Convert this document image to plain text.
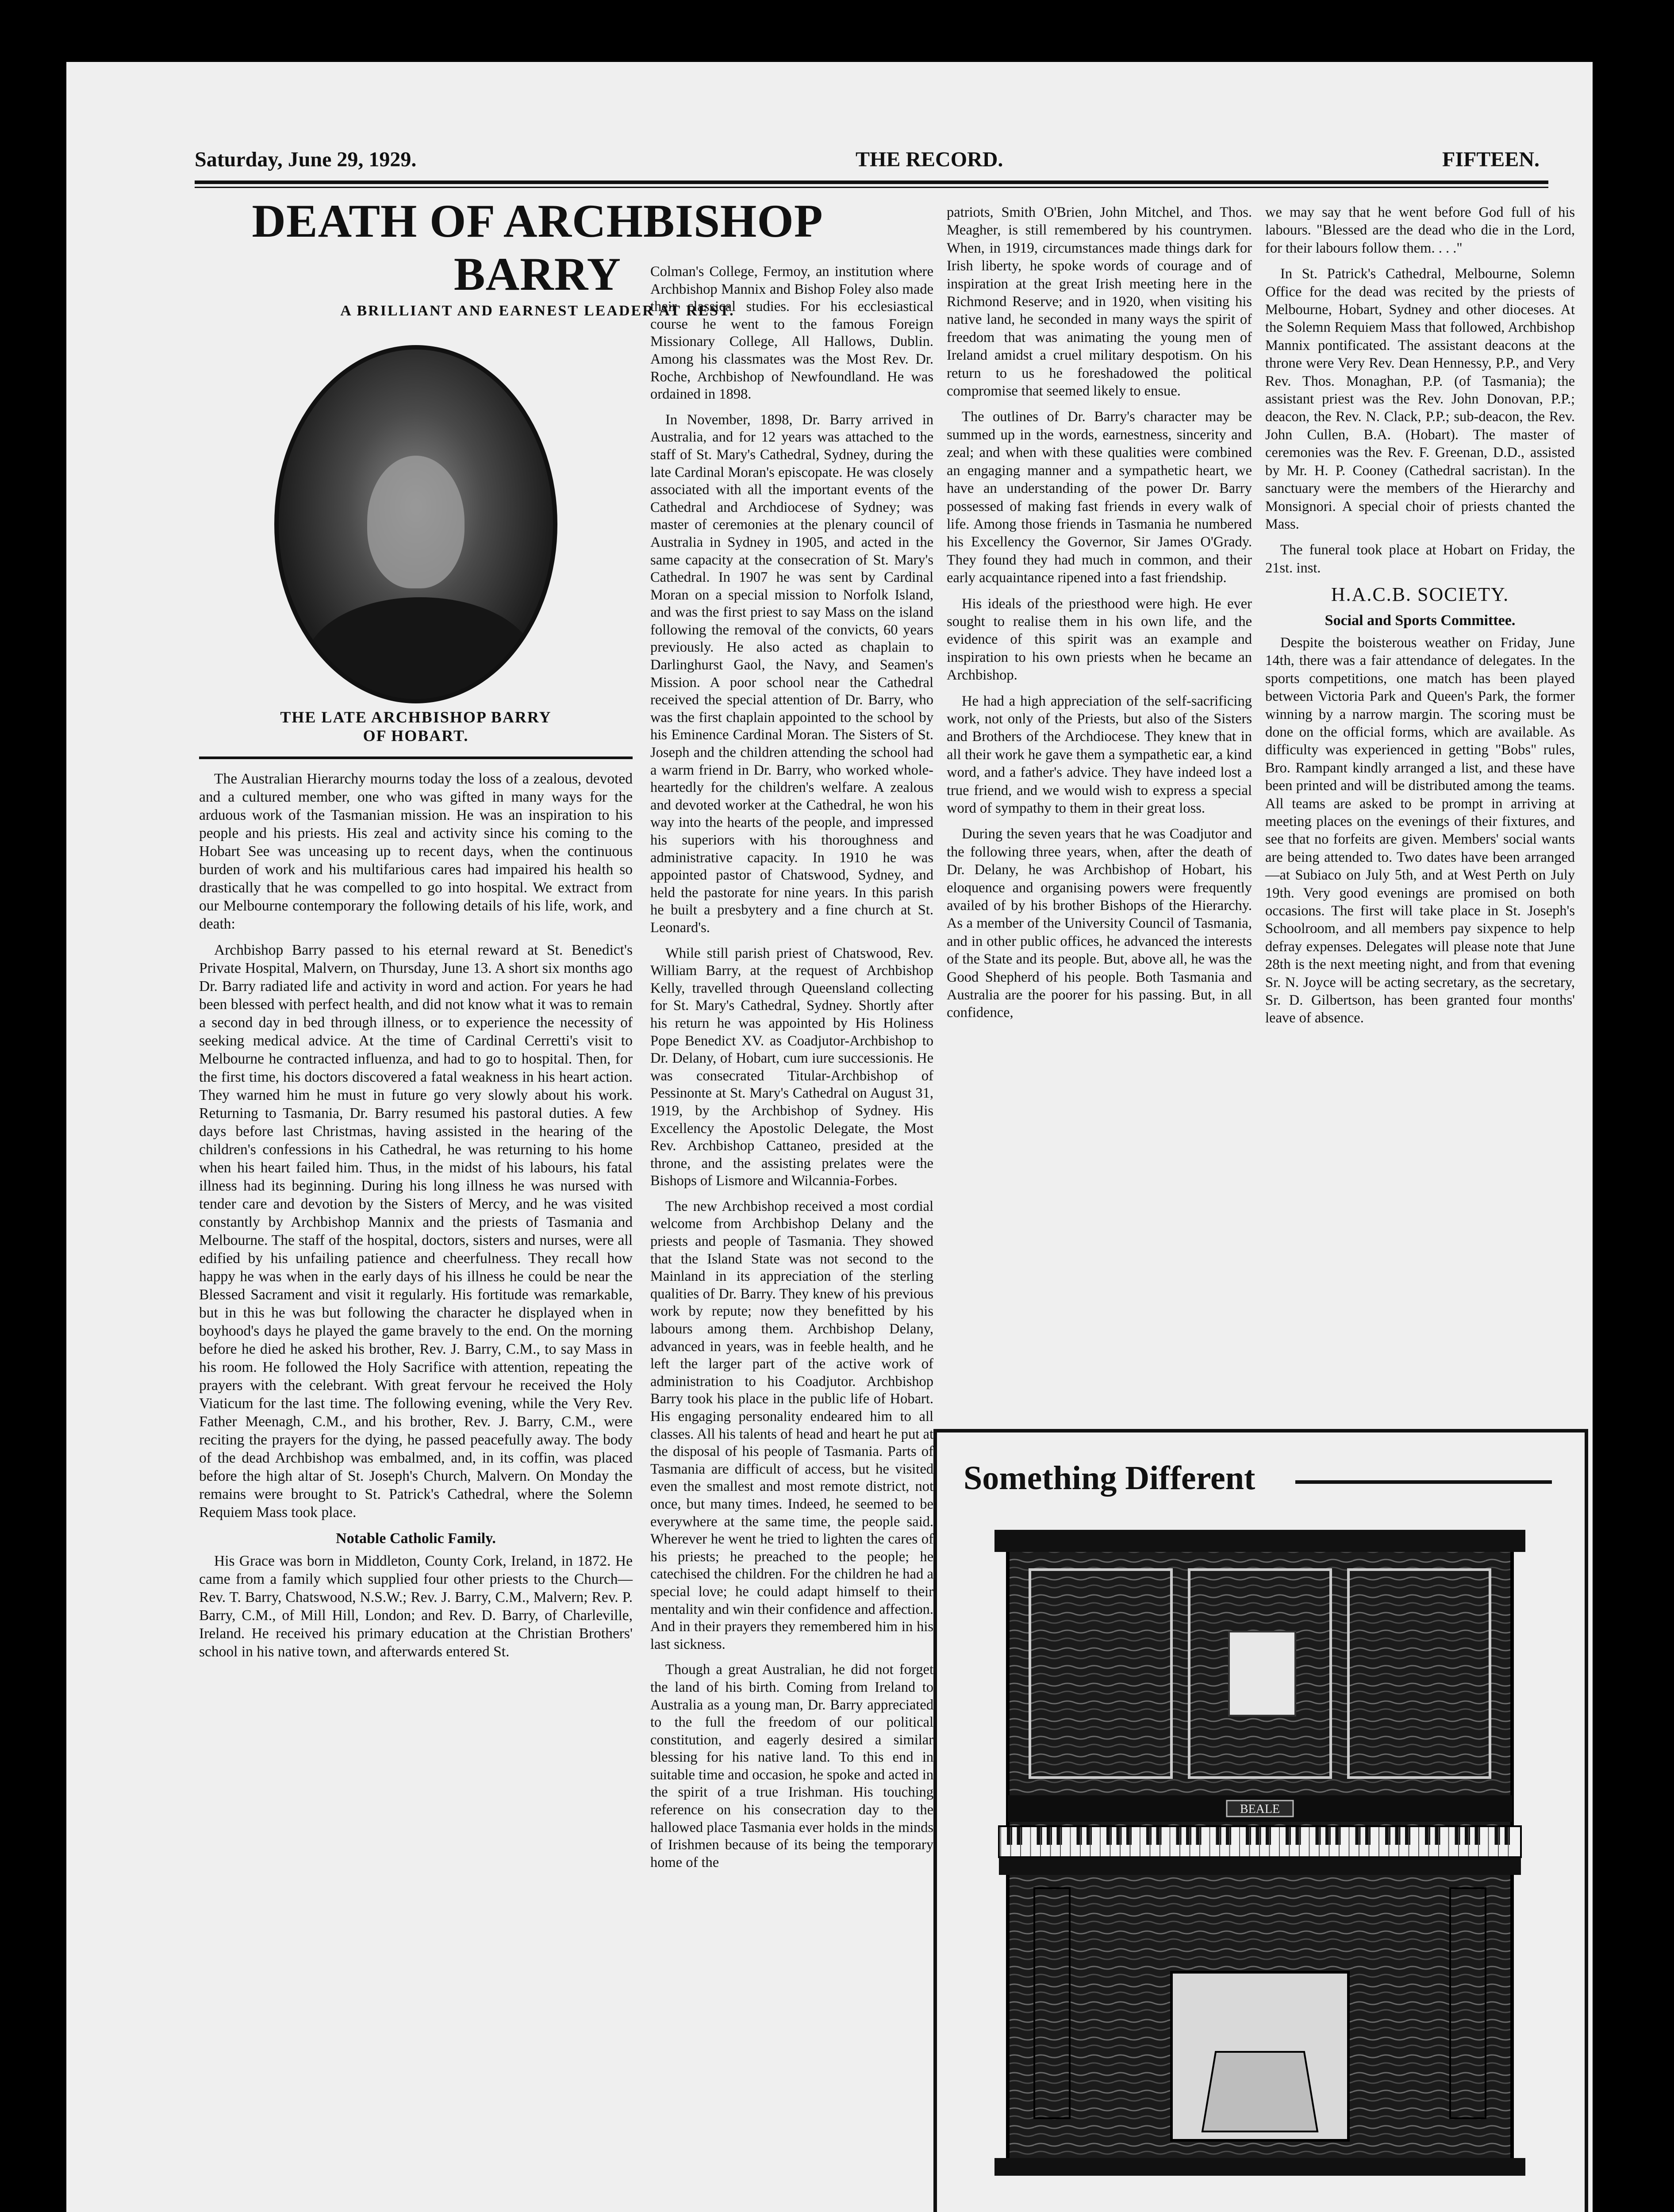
Saturday, June 29, 1929.	THE RECORD.	FIFTEEN.
DEATH OF ARCHBISHOP BARRY
A BRILLIANT AND EARNEST LEADER AT REST.
THE LATE ARCHBISHOP BARRY
OF HOBART.

The Australian Hierarchy mourns today the loss of a zealous, devoted and a cultured member, one who was gifted in many ways for the arduous work of the Tasmanian mission. He was an inspiration to his people and his priests. His zeal and activity since his coming to the Hobart See was unceasing up to recent days, when the continuous burden of work and his multifarious cares had impaired his health so drastically that he was compelled to go into hospital. We extract from our Melbourne contemporary the following details of his life, work, and death:

Archbishop Barry passed to his eternal reward at St. Benedict's Private Hospital, Malvern, on Thursday, June 13. A short six months ago Dr. Barry radiated life and activity in word and action. For years he had been blessed with perfect health, and did not know what it was to remain a second day in bed through illness, or to experience the necessity of seeking medical advice. At the time of Cardinal Cerretti's visit to Melbourne he contracted influenza, and had to go to hospital. Then, for the first time, his doctors discovered a fatal weakness in his heart action. They warned him he must in future go very slowly about his work. Returning to Tasmania, Dr. Barry resumed his pastoral duties. A few days before last Christmas, having assisted in the hearing of the children's confessions in his Cathedral, he was returning to his home when his heart failed him. Thus, in the midst of his labours, his fatal illness had its beginning. During his long illness he was nursed with tender care and devotion by the Sisters of Mercy, and he was visited constantly by Archbishop Mannix and the priests of Tasmania and Melbourne. The staff of the hospital, doctors, sisters and nurses, were all edified by his unfailing patience and cheerfulness. They recall how happy he was when in the early days of his illness he could be near the Blessed Sacrament and visit it regularly. His fortitude was remarkable, but in this he was but following the character he displayed when in boyhood's days he played the game bravely to the end. On the morning before he died he asked his brother, Rev. J. Barry, C.M., to say Mass in his room. He followed the Holy Sacrifice with attention, repeating the prayers with the celebrant. With great fervour he received the Holy Viaticum for the last time. The following evening, while the Very Rev. Father Meenagh, C.M., and his brother, Rev. J. Barry, C.M., were reciting the prayers for the dying, he passed peacefully away. The body of the dead Archbishop was embalmed, and, in its coffin, was placed before the high altar of St. Joseph's Church, Malvern. On Monday the remains were brought to St. Patrick's Cathedral, where the Solemn Requiem Mass took place.

Notable Catholic Family.

His Grace was born in Middleton, County Cork, Ireland, in 1872. He came from a family which supplied four other priests to the Church—Rev. T. Barry, Chatswood, N.S.W.; Rev. J. Barry, C.M., Malvern; Rev. P. Barry, C.M., of Mill Hill, London; and Rev. D. Barry, of Charleville, Ireland. He received his primary education at the Christian Brothers' school in his native town, and afterwards entered St.

Colman's College, Fermoy, an institution where Archbishop Mannix and Bishop Foley also made their classical studies. For his ecclesiastical course he went to the famous Foreign Missionary College, All Hallows, Dublin. Among his classmates was the Most Rev. Dr. Roche, Archbishop of Newfoundland. He was ordained in 1898.

In November, 1898, Dr. Barry arrived in Australia, and for 12 years was attached to the staff of St. Mary's Cathedral, Sydney, during the late Cardinal Moran's episcopate. He was closely associated with all the important events of the Cathedral and Archdiocese of Sydney; was master of ceremonies at the plenary council of Australia in Sydney in 1905, and acted in the same capacity at the consecration of St. Mary's Cathedral. In 1907 he was sent by Cardinal Moran on a special mission to Norfolk Island, and was the first priest to say Mass on the island following the removal of the convicts, 60 years previously. He also acted as chaplain to Darlinghurst Gaol, the Navy, and Seamen's Mission. A poor school near the Cathedral received the special attention of Dr. Barry, who was the first chaplain appointed to the school by his Eminence Cardinal Moran. The Sisters of St. Joseph and the children attending the school had a warm friend in Dr. Barry, who worked whole-heartedly for the children's welfare. A zealous and devoted worker at the Cathedral, he won his way into the hearts of the people, and impressed his superiors with his thoroughness and administrative capacity. In 1910 he was appointed pastor of Chatswood, Sydney, and held the pastorate for nine years. In this parish he built a presbytery and a fine church at St. Leonard's.

While still parish priest of Chatswood, Rev. William Barry, at the request of Archbishop Kelly, travelled through Queensland collecting for St. Mary's Cathedral, Sydney. Shortly after his return he was appointed by His Holiness Pope Benedict XV. as Coadjutor-Archbishop to Dr. Delany, of Hobart, cum iure successionis. He was consecrated Titular-Archbishop of Pessinonte at St. Mary's Cathedral on August 31, 1919, by the Archbishop of Sydney. His Excellency the Apostolic Delegate, the Most Rev. Archbishop Cattaneo, presided at the throne, and the assisting prelates were the Bishops of Lismore and Wilcannia-Forbes.

The new Archbishop received a most cordial welcome from Archbishop Delany and the priests and people of Tasmania. They showed that the Island State was not second to the Mainland in its appreciation of the sterling qualities of Dr. Barry. They knew of his previous work by repute; now they benefitted by his labours among them. Archbishop Delany, advanced in years, was in feeble health, and he left the larger part of the active work of administration to his Coadjutor. Archbishop Barry took his place in the public life of Hobart. His engaging personality endeared him to all classes. All his talents of head and heart he put at the disposal of his people of Tasmania. Parts of Tasmania are difficult of access, but he visited even the smallest and most remote district, not once, but many times. Indeed, he seemed to be everywhere at the same time, the people said. Wherever he went he tried to lighten the cares of his priests; he preached to the people; he catechised the children. For the children he had a special love; he could adapt himself to their mentality and win their confidence and affection. And in their prayers they remembered him in his last sickness.

Though a great Australian, he did not forget the land of his birth. Coming from Ireland to Australia as a young man, Dr. Barry appreciated to the full the freedom of our political constitution, and eagerly desired a similar blessing for his native land. To this end in suitable time and occasion, he spoke and acted in the spirit of a true Irishman. His touching reference on his consecration day to the hallowed place Tasmania ever holds in the minds of Irishmen because of its being the temporary home of the

patriots, Smith O'Brien, John Mitchel, and Thos. Meagher, is still remembered by his countrymen. When, in 1919, circumstances made things dark for Irish liberty, he spoke words of courage and of inspiration at the great Irish meeting here in the Richmond Reserve; and in 1920, when visiting his native land, he seconded in many ways the spirit of freedom that was animating the young men of Ireland amidst a cruel military despotism. On his return to us he foreshadowed the political compromise that seemed likely to ensue.

The outlines of Dr. Barry's character may be summed up in the words, earnestness, sincerity and zeal; and when with these qualities were combined an engaging manner and a sympathetic heart, we have an understanding of the power Dr. Barry possessed of making fast friends in every walk of life. Among those friends in Tasmania he numbered his Excellency the Governor, Sir James O'Grady. They found they had much in common, and their early acquaintance ripened into a fast friendship.

His ideals of the priesthood were high. He ever sought to realise them in his own life, and the evidence of this spirit was an example and inspiration to his own priests when he became an Archbishop.

He had a high appreciation of the self-sacrificing work, not only of the Priests, but also of the Sisters and Brothers of the Archdiocese. They knew that in all their work he gave them a sympathetic ear, a kind word, and a father's advice. They have indeed lost a true friend, and we would wish to express a special word of sympathy to them in their great loss.

During the seven years that he was Coadjutor and the following three years, when, after the death of Dr. Delany, he was Archbishop of Hobart, his eloquence and organising powers were frequently availed of by his brother Bishops of the Hierarchy. As a member of the University Council of Tasmania, and in other public offices, he advanced the interests of the State and its people. But, above all, he was the Good Shepherd of his people. Both Tasmania and Australia are the poorer for his passing. But, in all confidence,

we may say that he went before God full of his labours. "Blessed are the dead who die in the Lord, for their labours follow them. . . ."

In St. Patrick's Cathedral, Melbourne, Solemn Office for the dead was recited by the priests of Melbourne, Hobart, Sydney and other dioceses. At the Solemn Requiem Mass that followed, Archbishop Mannix pontificated. The assistant deacons at the throne were Very Rev. Dean Hennessy, P.P., and Very Rev. Thos. Monaghan, P.P. (of Tasmania); the assistant priest was the Rev. John Donovan, P.P.; deacon, the Rev. N. Clack, P.P.; sub-deacon, the Rev. John Cullen, B.A. (Hobart). The master of ceremonies was the Rev. F. Greenan, D.D., assisted by Mr. H. P. Cooney (Cathedral sacristan). In the sanctuary were the members of the Hierarchy and Monsignori. A special choir of priests chanted the Mass.

The funeral took place at Hobart on Friday, the 21st. inst.

H.A.C.B. SOCIETY.
Social and Sports Committee.

Despite the boisterous weather on Friday, June 14th, there was a fair attendance of delegates. In the sports competitions, one match has been played between Victoria Park and Queen's Park, the former winning by a narrow margin. The scoring must be done on the official forms, which are available. As difficulty was experienced in getting "Bobs" rules, Bro. Rampant kindly arranged a list, and these have been printed and will be distributed among the teams. All teams are asked to be prompt in arriving at meeting places on the evenings of their fixtures, and see that no forfeits are given. Members' social wants are being attended to. Two dates have been arranged—at Subiaco on July 5th, and at West Perth on July 19th. Very good evenings are promised on both occasions. The first will take place in St. Joseph's Schoolroom, and all members pay sixpence to help defray expenses. Delegates will please note that June 28th is the next meeting night, and from that evening Sr. N. Joyce will be acting secretary, as the secretary, Sr. D. Gilbertson, has been granted four months' leave of absence.

Something Different
BEALE
